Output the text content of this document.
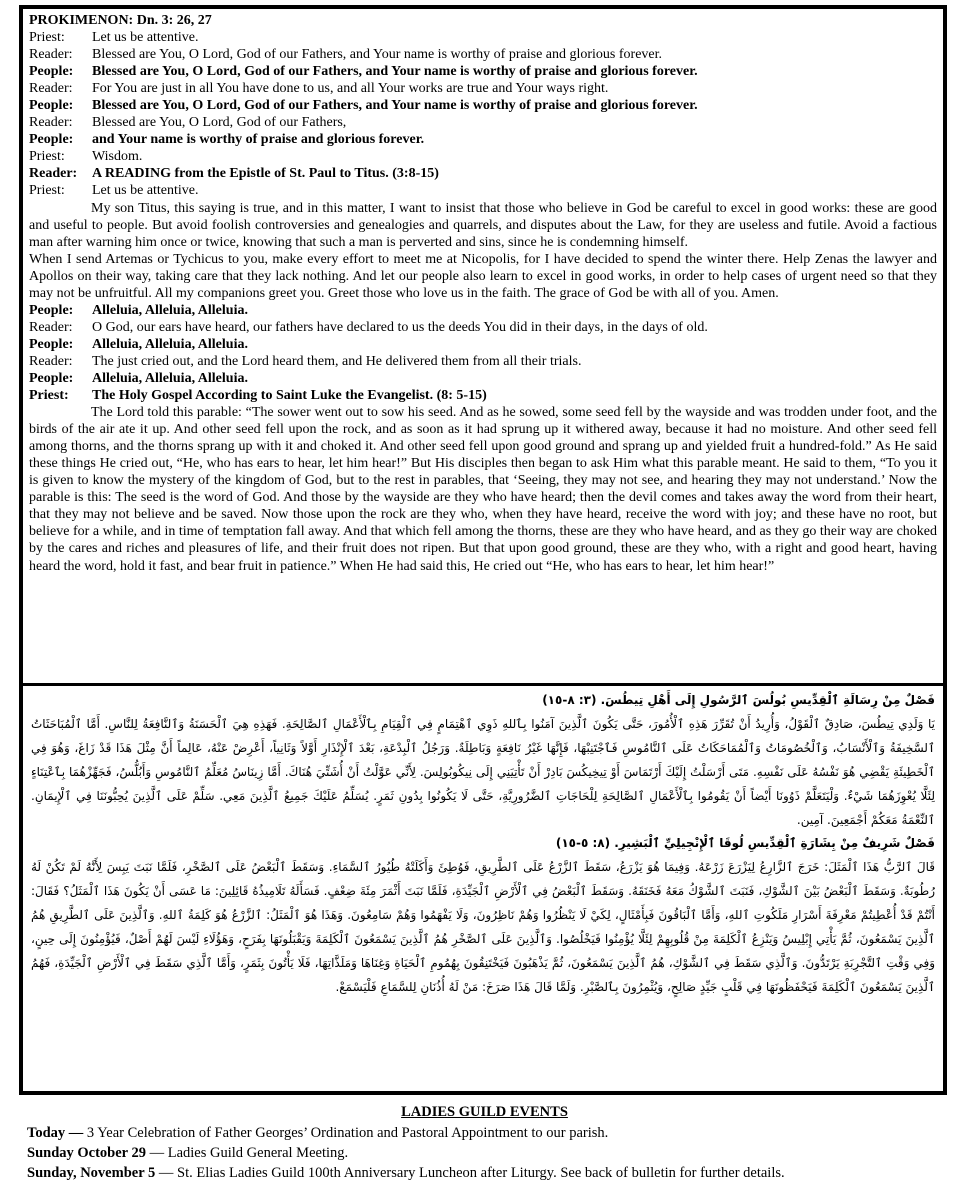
PROKIMENON: Dn. 3: 26, 27
Priest: Let us be attentive.
Reader: Blessed are You, O Lord, God of our Fathers, and Your name is worthy of praise and glorious forever.
People: Blessed are You, O Lord, God of our Fathers, and Your name is worthy of praise and glorious forever.
Reader: For You are just in all You have done to us, and all Your works are true and Your ways right.
People: Blessed are You, O Lord, God of our Fathers, and Your name is worthy of praise and glorious forever.
Reader: Blessed are You, O Lord, God of our Fathers,
People: and Your name is worthy of praise and glorious forever.
Priest: Wisdom.
Reader: A READING from the Epistle of St. Paul to Titus. (3:8-15)
Priest: Let us be attentive.
My son Titus, this saying is true, and in this matter, I want to insist that those who believe in God be careful to excel in good works: these are good and useful to people. But avoid foolish controversies and genealogies and quarrels, and disputes about the Law, for they are useless and futile. Avoid a factious man after warning him once or twice, knowing that such a man is perverted and sins, since he is condemning himself.
When I send Artemas or Tychicus to you, make every effort to meet me at Nicopolis, for I have decided to spend the winter there. Help Zenas the lawyer and Apollos on their way, taking care that they lack nothing. And let our people also learn to excel in good works, in order to help cases of urgent need so that they may not be unfruitful. All my companions greet you. Greet those who love us in the faith. The grace of God be with all of you. Amen.
People: Alleluia, Alleluia, Alleluia.
Reader: O God, our ears have heard, our fathers have declared to us the deeds You did in their days, in the days of old.
People: Alleluia, Alleluia, Alleluia.
Reader: The just cried out, and the Lord heard them, and He delivered them from all their trials.
People: Alleluia, Alleluia, Alleluia.
Priest: The Holy Gospel According to Saint Luke the Evangelist. (8: 5-15)
The Lord told this parable: “The sower went out to sow his seed. And as he sowed, some seed fell by the wayside and was trodden under foot, and the birds of the air ate it up. And other seed fell upon the rock, and as soon as it had sprung up it withered away, because it had no moisture. And other seed fell among thorns, and the thorns sprang up with it and choked it. And other seed fell upon good ground and sprang up and yielded fruit a hundred-fold.” As He said these things He cried out, “He, who has ears to hear, let him hear!” But His disciples then began to ask Him what this parable meant. He said to them, “To you it is given to know the mystery of the kingdom of God, but to the rest in parables, that ‘Seeing, they may not see, and hearing they may not understand.’ Now the parable is this: The seed is the word of God. And those by the wayside are they who have heard; then the devil comes and takes away the word from their heart, that they may not believe and be saved. Now those upon the rock are they who, when they have heard, receive the word with joy; and these have no root, but believe for a while, and in time of temptation fall away. And that which fell among the thorns, these are they who have heard, and as they go their way are choked by the cares and riches and pleasures of life, and their fruit does not ripen. But that upon good ground, these are they who, with a right and good heart, having heard the word, hold it fast, and bear fruit in patience.” When He had said this, He cried out “He, who has ears to hear, let him hear!”
فَصْلٌ مِنْ رِسَالَةِ ٱلْقِدِّيسِ بُولُسَ ٱلرَّسُولِ إِلَى أَهْلِ تِيطُسَ. (٣: ٨-١٥)
يَا وَلَدِي تِيطُسَ، صَادِقٌ ٱلْقَوْلُ، وَأُرِيدُ أَنْ تُقَرِّرَ هَذِهِ ٱلْأُمُورَ، حَتَّى يَكُونَ ٱلَّذِينَ آمَنُوا بِٱللهِ ذَوِي ٱهْتِمَامٍ فِي ٱلْقِيَامِ بِٱلْأَعْمَالِ ٱلصَّالِحَةِ. فَهَذِهِ هِيَ ٱلْحَسَنَةُ وَٱلنَّافِعَةُ لِلنَّاسِ. أَمَّا ٱلْمُبَاحَثَاتُ ٱلسَّخِيفَةُ وَٱلْأَنْسَابُ، وَٱلْخُصُومَاتُ وَٱلْمُمَاحَكَاتُ عَلَى ٱلنَّامُوسِ فَٱجْتَنِبْهَا، فَإِنَّهَا غَيْرُ نَافِعَةٍ وَبَاطِلَةٌ. وَرَجُلُ ٱلْبِدْعَةِ، بَعْدَ ٱلْإِنْذَارِ أَوَّلاً وَثَانِياً، أَعْرِضْ عَنْهُ، عَالِماً أَنَّ مِثْلَ هَذَا قَدْ زَاغَ، وَهُوَ فِي ٱلْخَطِيئَةِ يَقْضِي هُوَ نَفْسُهُ عَلَى نَفْسِهِ. مَتَى أَرْسَلْتُ إِلَيْكَ أَرْتَمَاسَ أَوْ تِيخِيكُسَ بَادِرْ أَنْ تَأْتِيَنِي إِلَى نِيكُوبُولِسَ. لِأَنِّي عَوَّلْتُ أَنْ أُشَتِّيَ هُنَاكَ. أَمَّا زِينَاسُ مُعَلِّمُ ٱلنَّامُوسِ وَأَبُلُّسُ، فَجَهِّزْهُمَا بِٱعْتِنَاءٍ لِئَلَّا يُعْوِزَهُمَا شَيْءٌ. وَلْيَتَعَلَّمْ ذَوُونَا أَيْضاً أَنْ يَقُومُوا بِٱلْأَعْمَالِ ٱلصَّالِحَةِ لِلْحَاجَاتِ ٱلضَّرُورِيَّةِ، حَتَّى لَا يَكُونُوا بِدُونِ ثَمَرٍ. يُسَلِّمُ عَلَيْكَ جَمِيعُ ٱلَّذِينَ مَعِي. سَلِّمْ عَلَى ٱلَّذِينَ يُحِبُّونَنَا فِي ٱلْإِيمَانِ. ٱلنِّعْمَةُ مَعَكُمْ أَجْمَعِينَ. آمِين.
فَصْلٌ شَرِيفٌ مِنْ بِشَارَةِ ٱلْقِدِّيسِ لُوقَا ٱلْإِنْجِيلِيِّ ٱلْبَشِيرِ. (٨: ٥-١٥)
قَالَ ٱلرَّبُّ هَذَا ٱلْمَثَلَ: خَرَجَ ٱلزَّارِعُ لِيَزْرَعَ زَرْعَهُ. وَفِيمَا هُوَ يَزْرَعُ، سَقَطَ ٱلزَّرْعُ عَلَى ٱلطَّرِيقِ، فَوُطِئَ وَأَكَلَتْهُ طُيُورُ ٱلسَّمَاءِ. وَسَقَطَ ٱلْبَعْضُ عَلَى ٱلصَّخْرِ، فَلَمَّا نَبَتَ يَبِسَ لِأَنَّهُ لَمْ تَكُنْ لَهُ رُطُوبَةٌ. وَسَقَطَ ٱلْبَعْضُ بَيْنَ ٱلشَّوْكِ، فَنَبَتَ ٱلشَّوْكُ مَعَهُ فَخَنَقَهُ. وَسَقَطَ ٱلْبَعْضُ فِي ٱلْأَرْضِ ٱلْجَيِّدَةِ، فَلَمَّا نَبَتَ أَثْمَرَ مِئَةَ ضِعْفٍ. فَسَأَلَهُ تَلَامِيذُهُ قَائِلِينَ: مَا عَسَى أَنْ يَكُونَ هَذَا ٱلْمَثَلُ؟ فَقَالَ: أَنْتُمْ قَدْ أُعْطِيتُمْ مَعْرِفَةَ أَسْرَارِ مَلَكُوتِ ٱللهِ، وَأَمَّا ٱلْبَاقُونَ فَبِأَمْثَالٍ، لِكَيْ لَا يَنْظُرُوا وَهُمْ نَاظِرُونَ، وَلَا يَفْهَمُوا وَهُمْ سَامِعُونَ. وَهَذَا هُوَ ٱلْمَثَلُ: ٱلزَّرْعُ هُوَ كَلِمَةُ ٱللهِ. وَٱلَّذِينَ عَلَى ٱلطَّرِيقِ هُمُ ٱلَّذِينَ يَسْمَعُونَ، ثُمَّ يَأْتِي إِبْلِيسُ وَيَنْزِعُ ٱلْكَلِمَةَ مِنْ قُلُوبِهِمْ لِئَلَّا يُؤْمِنُوا فَيَخْلُصُوا. وَٱلَّذِينَ عَلَى ٱلصَّخْرِ هُمُ ٱلَّذِينَ يَسْمَعُونَ ٱلْكَلِمَةَ وَيَقْبَلُونَهَا بِفَرَحٍ، وَهَؤُلَاءِ لَيْسَ لَهُمْ أَصْلٌ، فَيُؤْمِنُونَ إِلَى حِينٍ، وَفِي وَقْتِ ٱلتَّجْرِبَةِ يَرْتَدُّونَ. وَٱلَّذِي سَقَطَ فِي ٱلشَّوْكِ، هُمُ ٱلَّذِينَ يَسْمَعُونَ، ثُمَّ يَذْهَبُونَ فَيَخْتَنِقُونَ بِهُمُومِ ٱلْحَيَاةِ وَغِنَاهَا وَمَلَذَّاتِهَا، فَلَا يَأْتُونَ بِثَمَرٍ، وَأَمَّا ٱلَّذِي سَقَطَ فِي ٱلْأَرْضِ ٱلْجَيِّدَةِ، فَهُمُ ٱلَّذِينَ يَسْمَعُونَ ٱلْكَلِمَةَ فَيَحْفَظُونَهَا فِي قَلْبٍ جَيِّدٍ صَالِحٍ، وَيُثْمِرُونَ بِٱلصَّبْرِ. وَلَمَّا قَالَ هَذَا صَرَخَ: مَنْ لَهُ أُذُنَانِ لِلسَّمَاعِ فَلْيَسْمَعْ.
LADIES GUILD EVENTS
Today — 3 Year Celebration of Father Georges’ Ordination and Pastoral Appointment to our parish.
Sunday October 29 — Ladies Guild General Meeting.
Sunday, November 5 — St. Elias Ladies Guild 100th Anniversary Luncheon after Liturgy. See back of bulletin for further details.
